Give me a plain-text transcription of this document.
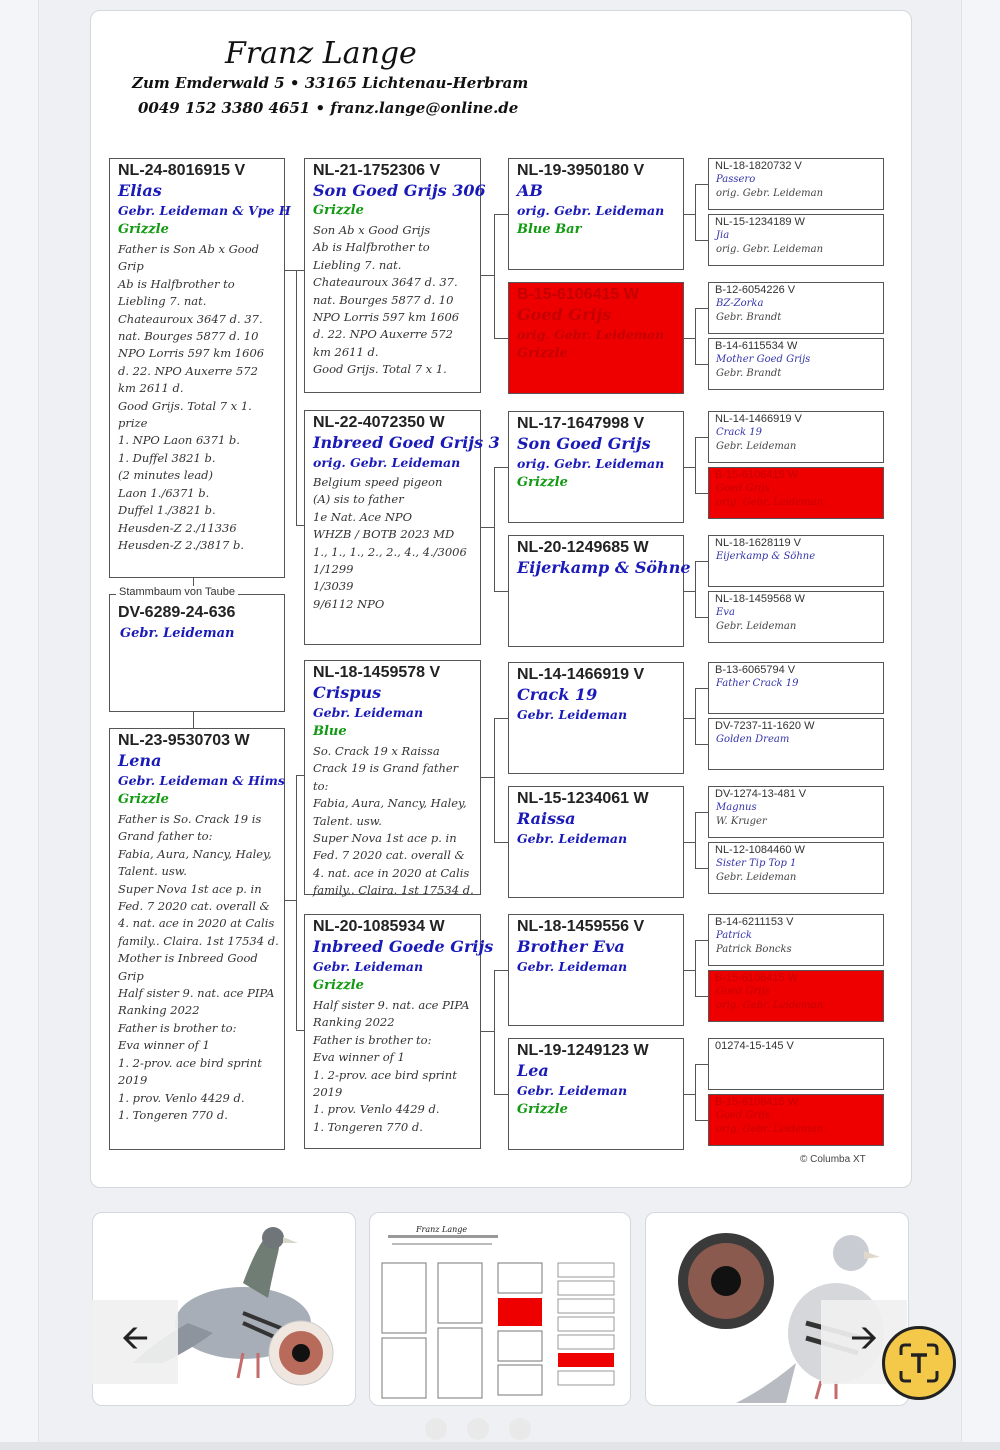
Franz Lange
Zum Emderwald 5 • 33165 Lichtenau-Herbram
0049 152 3380 4651 • franz.lange@online.de
NL-24-8016915 V
Elias
Gebr. Leideman & Vpe H
Grizzle
Father is Son Ab x Good
Grip
Ab is Halfbrother to
Liebling 7. nat.
Chateauroux 3647 d. 37.
nat. Bourges 5877 d. 10
NPO Lorris 597 km 1606
d. 22. NPO Auxerre 572
km 2611 d.
Good Grijs. Total 7 x 1.
prize
1. NPO Laon 6371 b.
1. Duffel 3821 b.
(2 minutes lead)
Laon 1./6371 b.
Duffel 1./3821 b.
Heusden-Z 2./11336
Heusden-Z 2./3817 b.
NL-23-9530703 W
Lena
Gebr. Leideman & Hims
Grizzle
Father is So. Crack 19 is
Grand father to:
Fabia, Aura, Nancy, Haley,
Talent. usw.
Super Nova 1st ace p. in
Fed. 7 2020 cat. overall &
4. nat. ace in 2020 at Calis
family.. Claira. 1st 17534 d.
Mother is Inbreed Good
Grip
Half sister 9. nat. ace PIPA
Ranking 2022
Father is brother to:
Eva winner of 1
1. 2-prov. ace bird sprint
2019
1. prov. Venlo 4429 d.
1. Tongeren 770 d.
NL-21-1752306 V
Son Goed Grijs 306
Grizzle
Son Ab x Good Grijs
Ab is Halfbrother to
Liebling 7. nat.
Chateauroux 3647 d. 37.
nat. Bourges 5877 d. 10
NPO Lorris 597 km 1606
d. 22. NPO Auxerre 572
km 2611 d.
Good Grijs. Total 7 x 1.
NL-22-4072350 W
Inbreed Goed Grijs 3
orig. Gebr. Leideman
Belgium speed pigeon
(A) sis to father
1e Nat. Ace NPO
WHZB / BOTB 2023 MD
1., 1., 1., 2., 2., 4., 4./3006
1/1299
1/3039
9/6112 NPO
NL-18-1459578 V
Crispus
Gebr. Leideman
Blue
So. Crack 19 x Raissa
Crack 19 is Grand father to:
Fabia, Aura, Nancy, Haley,
Talent. usw.
Super Nova 1st ace p. in
Fed. 7 2020 cat. overall &
4. nat. ace in 2020 at Calis
family.. Claira. 1st 17534 d.
NL-20-1085934 W
Inbreed Goede Grijs
Gebr. Leideman
Grizzle
Half sister 9. nat. ace PIPA
Ranking 2022
Father is brother to:
Eva winner of 1
1. 2-prov. ace bird sprint
2019
1. prov. Venlo 4429 d.
1. Tongeren 770 d.
NL-19-3950180 V
AB
orig. Gebr. Leideman
Blue Bar
B-15-6106415 W
Goed Grijs
orig. Gebr. Leideman
Grizzle
NL-17-1647998 V
Son Goed Grijs
orig. Gebr. Leideman
Grizzle
NL-20-1249685 W
Eijerkamp & Söhne
NL-14-1466919 V
Crack 19
Gebr. Leideman
NL-15-1234061 W
Raissa
Gebr. Leideman
NL-18-1459556 V
Brother Eva
Gebr. Leideman
NL-19-1249123 W
Lea
Gebr. Leideman
Grizzle
NL-18-1820732 V
Passero
orig. Gebr. Leideman
NL-15-1234189 W
Jia
orig. Gebr. Leideman
B-12-6054226 V
BZ-Zorka
Gebr. Brandt
B-14-6115534 W
Mother Goed Grijs
Gebr. Brandt
NL-14-1466919 V
Crack 19
Gebr. Leideman
B-15-6106415 W
Goed Grijs
orig. Gebr. Leideman
NL-18-1628119 V
Eijerkamp & Söhne
NL-18-1459568 W
Eva
Gebr. Leideman
B-13-6065794 V
Father Crack 19
DV-7237-11-1620 W
Golden Dream
DV-1274-13-481 V
Magnus
W. Kruger
NL-12-1084460 W
Sister Tip Top 1
Gebr. Leideman
B-14-6211153 V
Patrick
Patrick Boncks
B-15-6106415 W
Goed Grijs
orig. Gebr. Leideman
01274-15-145 V
B-15-6106415 W
Goed Grijs
orig. Gebr. Leideman
Stammbaum von Taube
DV-6289-24-636
Gebr. Leideman
© Columba XT
Franz Lange
🡨	🡪
